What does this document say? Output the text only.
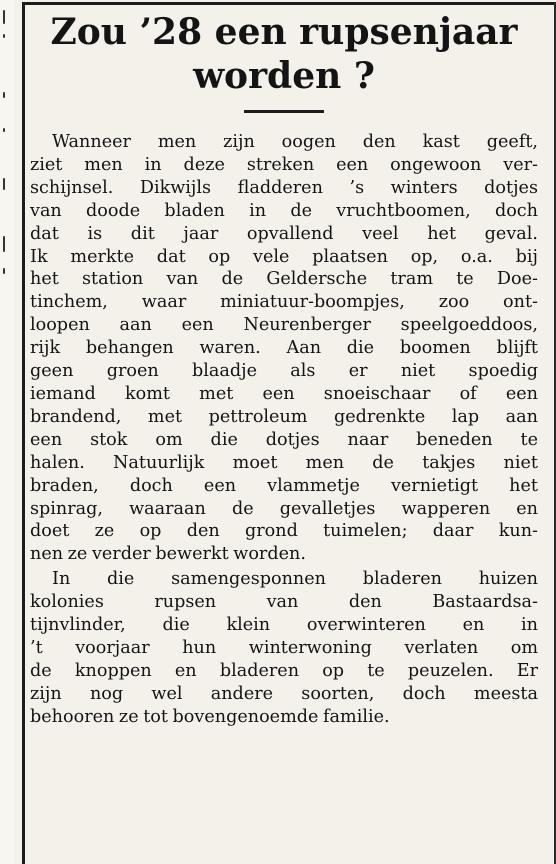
Zou ’28 een rupsenjaar
worden ?

Wanneer men zijn oogen den kast geeft,
ziet men in deze streken een ongewoon ver-
schijnsel. Dikwijls fladderen ’s winters dotjes
van doode bladen in de vruchtboomen, doch
dat is dit jaar opvallend veel het geval.
Ik merkte dat op vele plaatsen op, o.a. bij
het station van de Geldersche tram te Doe-
tinchem, waar miniatuur-boompjes, zoo ont-
loopen aan een Neurenberger speelgoeddoos,
rijk behangen waren. Aan die boomen blijft
geen groen blaadje als er niet spoedig
iemand komt met een snoeischaar of een
brandend, met pettroleum gedrenkte lap aan
een stok om die dotjes naar beneden te
halen. Natuurlijk moet men de takjes niet
braden, doch een vlammetje vernietigt het
spinrag, waaraan de gevalletjes wapperen en
doet ze op den grond tuimelen; daar kun-
nen ze verder bewerkt worden.

In die samengesponnen bladeren huizen
kolonies rupsen van den Bastaardsa-
tijnvlinder, die klein overwinteren en in
’t voorjaar hun winterwoning verlaten om
de knoppen en bladeren op te peuzelen. Er
zijn nog wel andere soorten, doch meesta
behooren ze tot bovengenoemde familie.
